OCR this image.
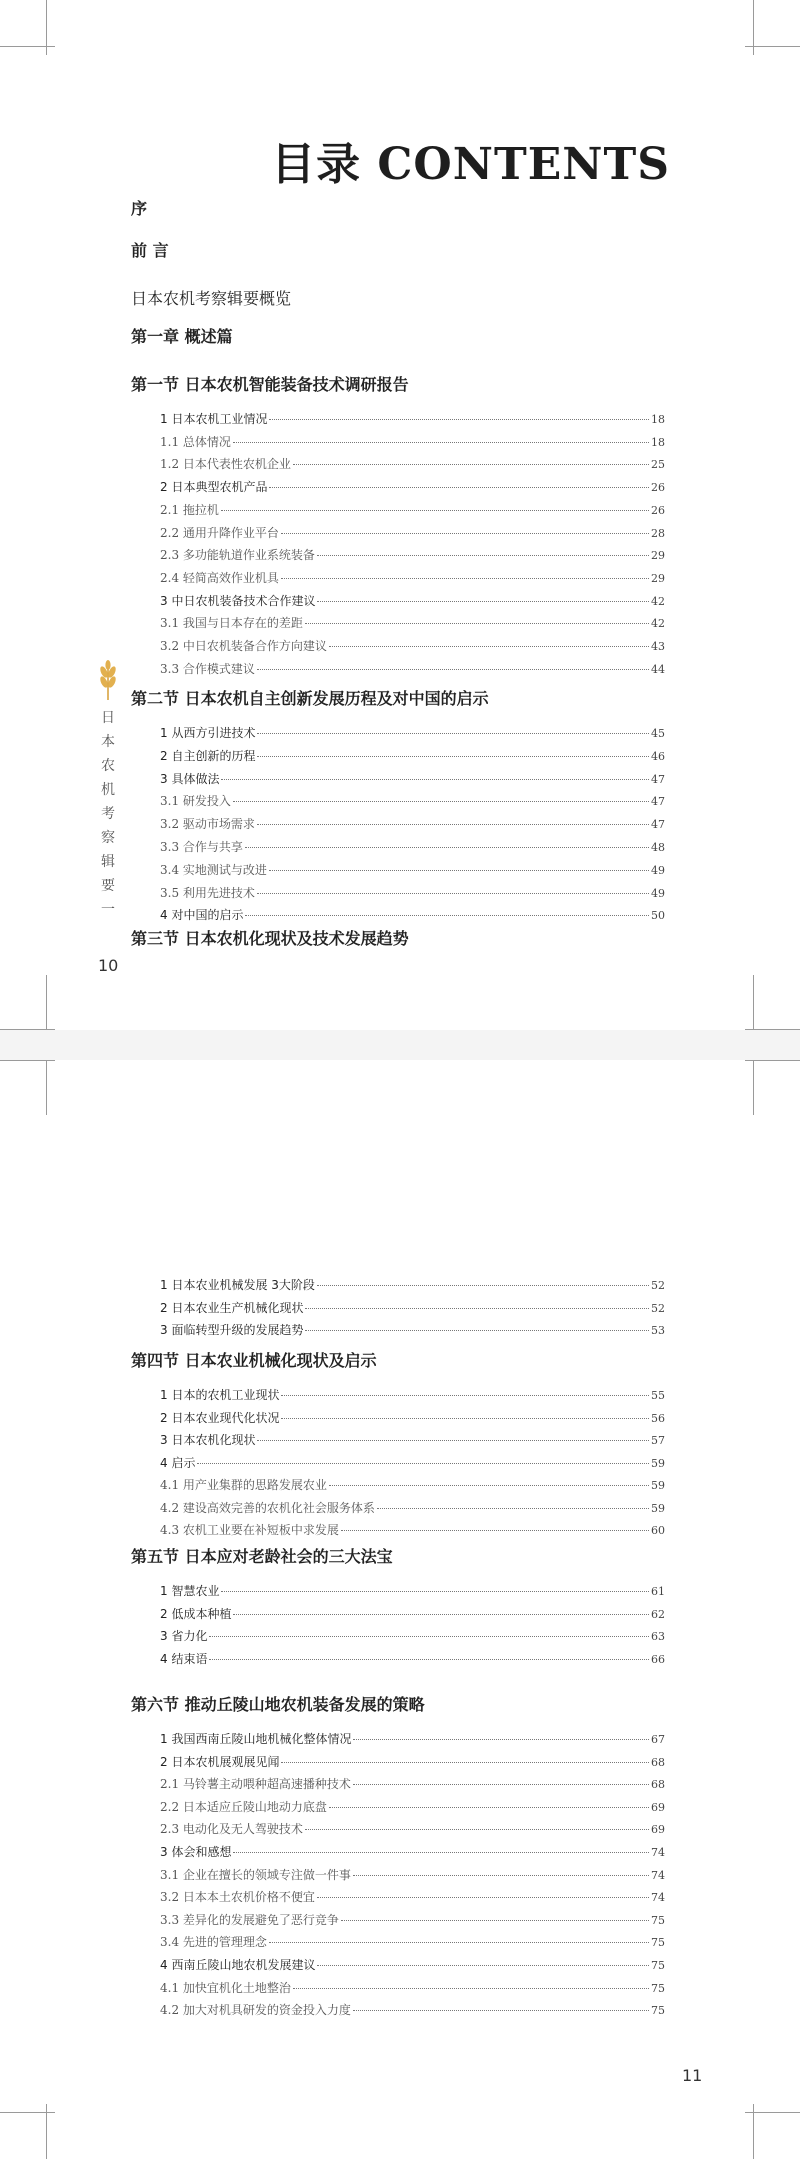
目录 CONTENTS
序
前 言
日本农机考察辑要概览
第一章 概述篇
第一节 日本农机智能装备技术调研报告
1 日本农机工业情况	18
1.1 总体情况	18
1.2 日本代表性农机企业	25
2 日本典型农机产品	26
2.1 拖拉机	26
2.2 通用升降作业平台	28
2.3 多功能轨道作业系统装备	29
2.4 轻简高效作业机具	29
3 中日农机装备技术合作建议	42
3.1 我国与日本存在的差距	42
3.2 中日农机装备合作方向建议	43
3.3 合作模式建议	44
日
本
农
机
考
察
辑
要
一
第二节 日本农机自主创新发展历程及对中国的启示
1 从西方引进技术	45
2 自主创新的历程	46
3 具体做法	47
3.1 研发投入	47
3.2 驱动市场需求	47
3.3 合作与共享	48
3.4 实地测试与改进	49
3.5 利用先进技术	49
4 对中国的启示	50
第三节 日本农机化现状及技术发展趋势
10
1 日本农业机械发展 3大阶段	52
2 日本农业生产机械化现状	52
3 面临转型升级的发展趋势	53
第四节 日本农业机械化现状及启示
1 日本的农机工业现状	55
2 日本农业现代化状况	56
3 日本农机化现状	57
4 启示	59
4.1 用产业集群的思路发展农业	59
4.2 建设高效完善的农机化社会服务体系	59
4.3 农机工业要在补短板中求发展	60
第五节 日本应对老龄社会的三大法宝
1 智慧农业	61
2 低成本种植	62
3 省力化	63
4 结束语	66
第六节 推动丘陵山地农机装备发展的策略
1 我国西南丘陵山地机械化整体情况	67
2 日本农机展观展见闻	68
2.1 马铃薯主动喂种超高速播种技术	68
2.2 日本适应丘陵山地动力底盘	69
2.3 电动化及无人驾驶技术	69
3 体会和感想	74
3.1 企业在擅长的领域专注做一件事	74
3.2 日本本土农机价格不便宜	74
3.3 差异化的发展避免了恶行竞争	75
3.4 先进的管理理念	75
4 西南丘陵山地农机发展建议	75
4.1 加快宜机化土地整治	75
4.2 加大对机具研发的资金投入力度	75
11
